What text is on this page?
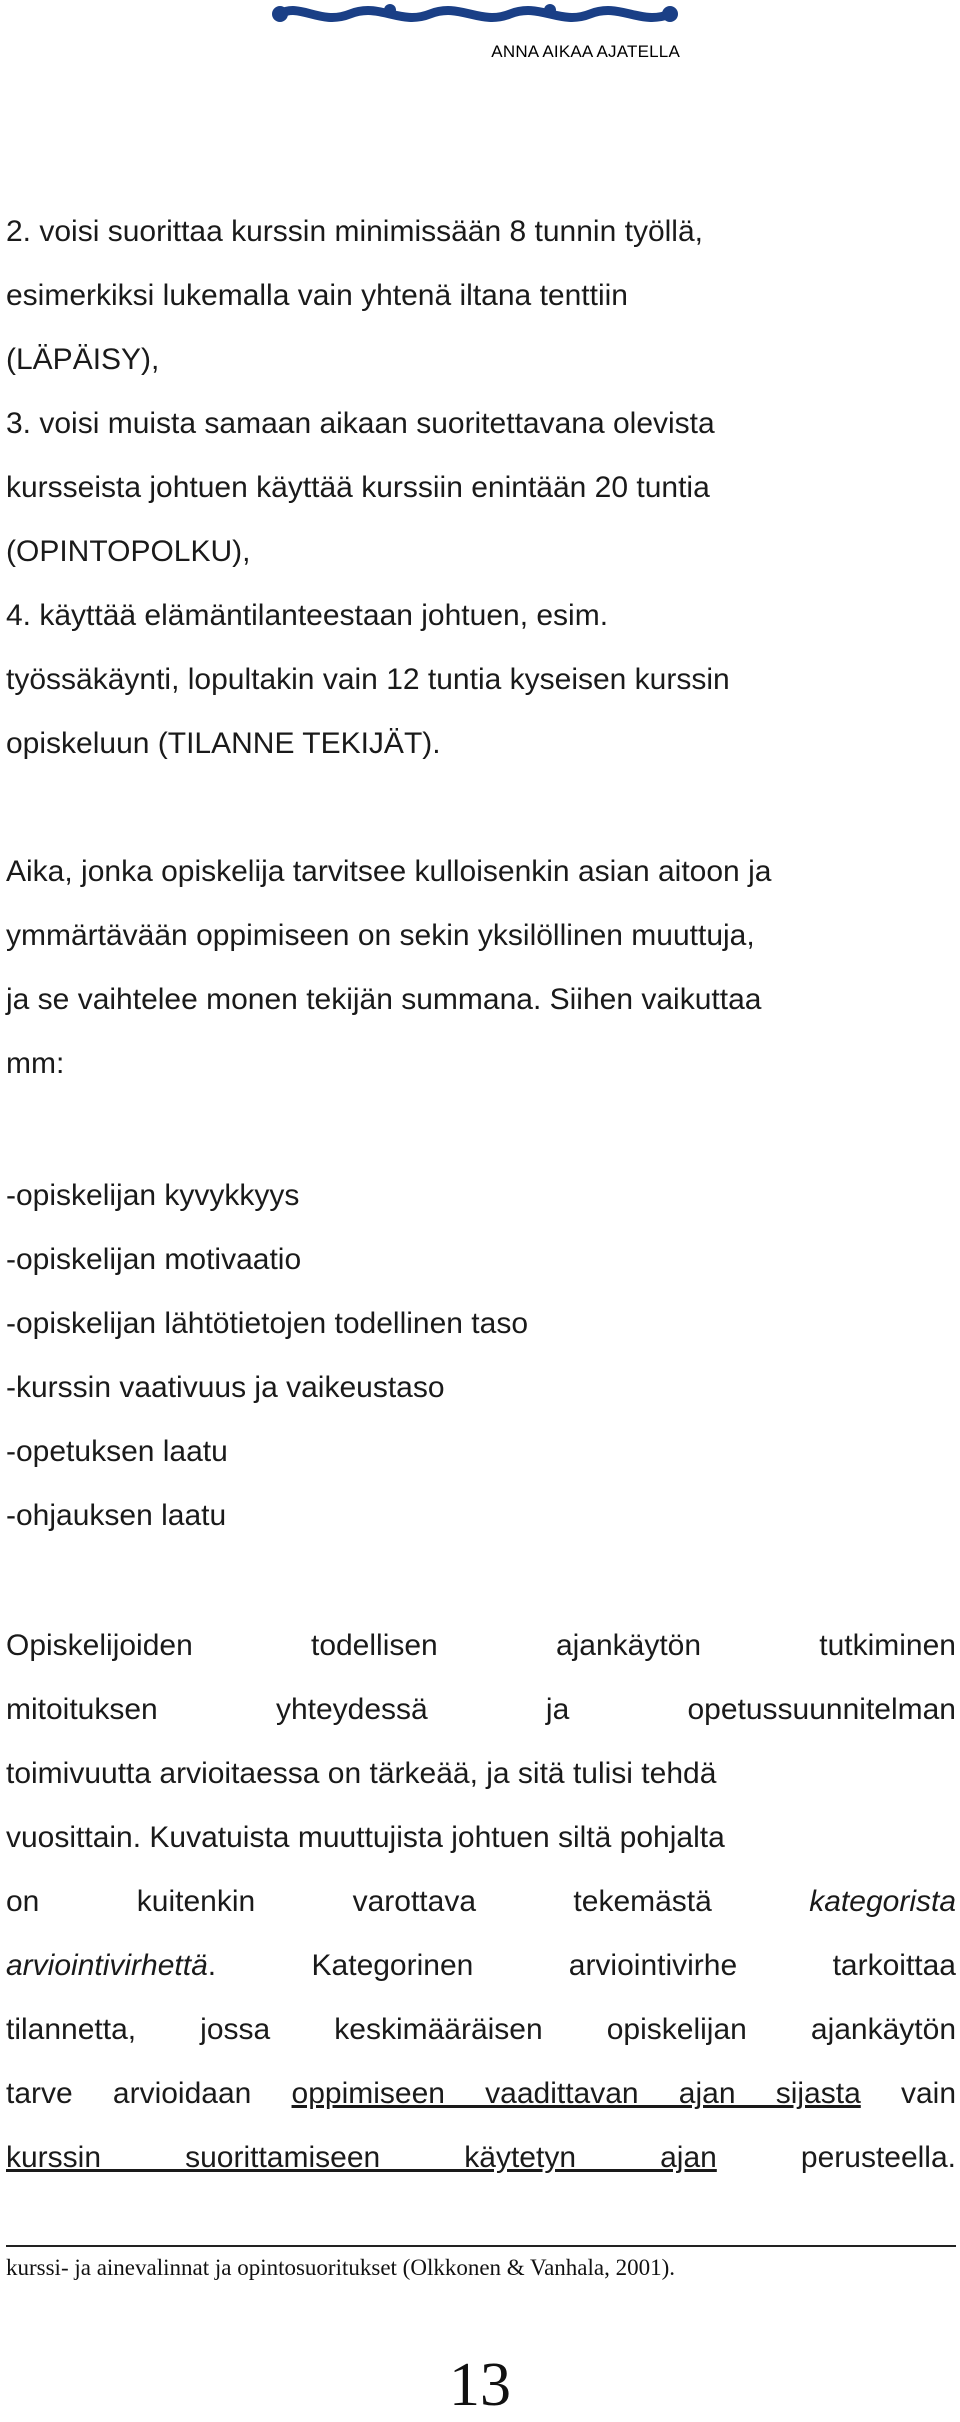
ANNA AIKAA AJATELLA
2. voisi suorittaa kurssin minimissään 8 tunnin työllä,
esimerkiksi lukemalla vain yhtenä iltana tenttiin
(LÄPÄISY),
3. voisi muista samaan aikaan suoritettavana olevista
kursseista johtuen käyttää kurssiin enintään 20 tuntia
(OPINTOPOLKU),
4. käyttää elämäntilanteestaan johtuen, esim.
työssäkäynti, lopultakin vain 12 tuntia kyseisen kurssin
opiskeluun (TILANNE TEKIJÄT).
Aika, jonka opiskelija tarvitsee kulloisenkin asian aitoon ja
ymmärtävään oppimiseen on sekin yksilöllinen muuttuja,
ja se vaihtelee monen tekijän summana. Siihen vaikuttaa
mm:
-opiskelijan kyvykkyys
-opiskelijan motivaatio
-opiskelijan lähtötietojen todellinen taso
-kurssin vaativuus ja vaikeustaso
-opetuksen laatu
-ohjauksen laatu
Opiskelijoiden todellisen ajankäytön tutkiminen
mitoituksen yhteydessä ja opetussuunnitelman
toimivuutta arvioitaessa on tärkeää, ja sitä tulisi tehdä
vuosittain. Kuvatuista muuttujista johtuen siltä pohjalta
on kuitenkin varottava tekemästä kategorista
arviointivirhettä. Kategorinen arviointivirhe tarkoittaa
tilannetta, jossa keskimääräisen opiskelijan ajankäytön
tarve arvioidaan oppimiseen vaadittavan ajan sijasta vain
kurssin suorittamiseen käytetyn ajan perusteella.
kurssi- ja ainevalinnat ja opintosuoritukset (Olkkonen & Vanhala, 2001).
13
